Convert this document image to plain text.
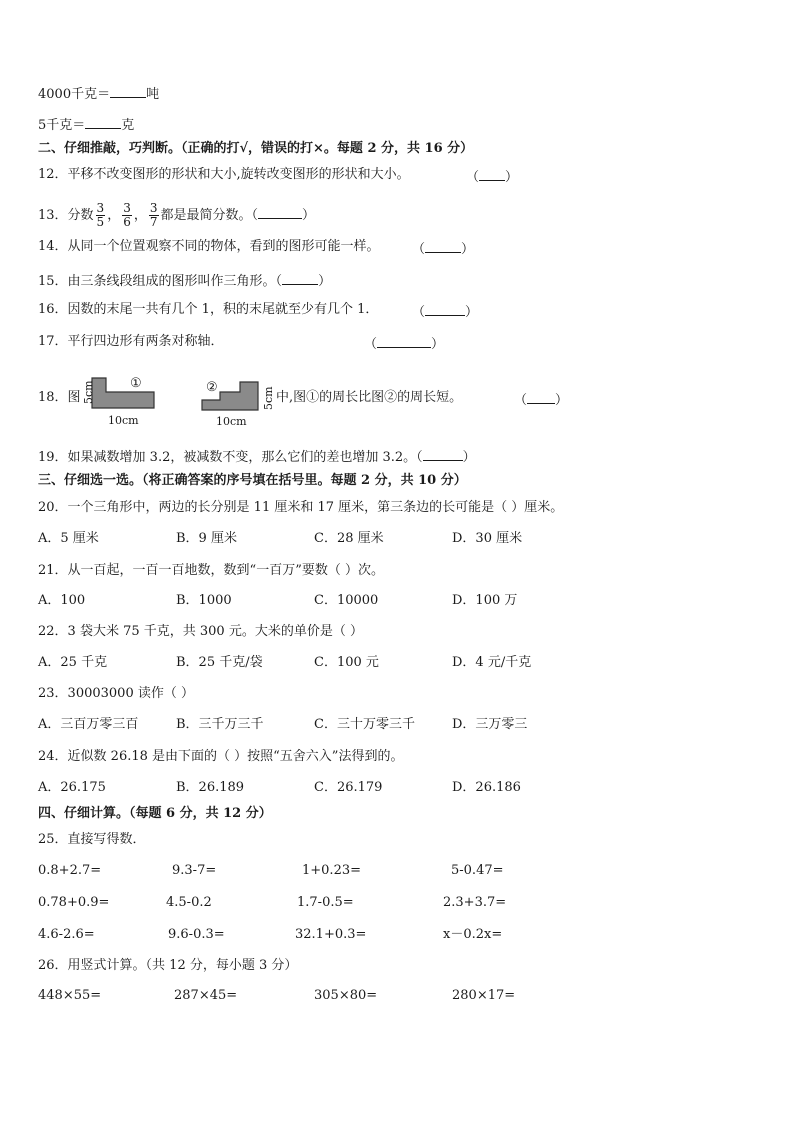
4000千克＝	吨
5千克＝	克
二、仔细推敲，巧判断。（正确的打√，错误的打×。每题 2 分，共 16 分）
12．平移不改变图形的形状和大小,旋转改变图形的形状和大小。	（ ）
13．分数 $\frac{3}{5}$ ， $\frac{3}{6}$ ， $\frac{3}{7}$ 都是最简分数。（	）
14．从同一个位置观察不同的物体，看到的图形可能一样。 （	）
15．由三条线段组成的图形叫作三角形。（	）
16．因数的末尾一共有几个 1，积的末尾就至少有几个 1．	（	）
17．平行四边形有两条对称轴．	（	）
18．图 5cm	①
10cm
②	5cm
10cm
中,图①的周长比图②的周长短。	（ ）
19．如果减数增加 3.2，被减数不变，那么它们的差也增加 3.2。（	）
三、仔细选一选。（将正确答案的序号填在括号里。每题 2 分，共 10 分）
20．一个三角形中，两边的长分别是 11 厘米和 17 厘米，第三条边的长可能是（ ）厘米。
A．5 厘米	B．9 厘米	C．28 厘米	D．30 厘米
21．从一百起，一百一百地数，数到“一百万”要数（ ）次。
A．100	B．1000	C．10000	D．100 万
22．3 袋大米 75 千克，共 300 元。大米的单价是（ ）
A．25 千克	B．25 千克/袋	C．100 元	D．4 元/千克
23．30003000 读作（ ）
A．三百万零三百	B．三千万三千	C．三十万零三千	D．三万零三
24．近似数 26.18 是由下面的（ ）按照“五舍六入”法得到的。
A．26.175	B．26.189	C．26.179	D．26.186
四、仔细计算。（每题 6 分，共 12 分）
25．直接写得数．
0.8+2.7=	9.3-7=	1+0.23=	5-0.47=
0.78+0.9=	4.5-0.2	1.7-0.5=	2.3+3.7=
4.6-2.6=	9.6-0.3=	32.1+0.3=	x－0.2x=
26．用竖式计算。（共 12 分，每小题 3 分）
448×55=	287×45=	305×80=	280×17=
